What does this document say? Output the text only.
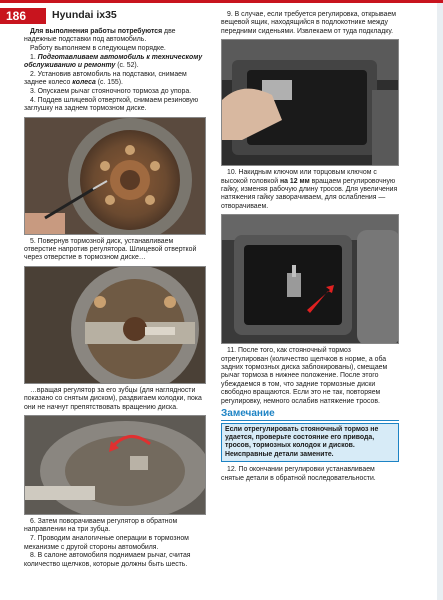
186	Hyundai ix35

Для выполнения работы потребуются две надежные подставки под автомобиль.

Работу выполняем в следующем порядке.

1. Подготавливаем автомобиль к техническому обслуживанию и ремонту (с. 52).

2. Установив автомобиль на подставки, снимаем заднее колесо колеса (с. 155).

3. Опускаем рычаг стояночного тормоза до упора.

4. Поддев шлицевой отверткой, снимаем резиновую заглушку на заднем тормозном диске.

5. Повернув тормозной диск, устанавливаем отверстие напротив регулятора. Шлицевой отверткой через отверстие в тормозном диске…

…вращая регулятор за его зубцы (для наглядности показано со снятым диском), раздвигаем колодки, пока они не начнут препятствовать вращению диска.

6. Затем поворачиваем регулятор в обратном направлении на три зубца.

7. Проводим аналогичные операции в тормозном механизме с другой стороны автомобиля.

8. В салоне автомобиля поднимаем рычаг, считая количество щелчков, которые должны быть шесть.

9. В случае, если требуется регулировка, открываем вещевой ящик, находящийся в подлокотнике между передними сиденьями. Извлекаем от туда подкладку.

10. Накидным ключом или торцовым ключом с высокой головкой на 12 мм вращаем регулировочную гайку, изменяя рабочую длину тросов. Для увеличения натяжения гайку заворачиваем, для ослабления — отворачиваем.

11. После того, как стояночный тормоз отрегулирован (количество щелчков в норме, а оба задних тормозных диска заблокированы), смещаем рычаг тормоза в нижнее положение. После этого убеждаемся в том, что задние тормозные диски свободно вращаются. Если это не так, повторяем регулировку, немного ослабив натяжение тросов.

Замечание
Если отрегулировать стояночный тормоз не удается, проверьте состояние его привода, тросов, тормозных колодок и дисков. Неисправные детали замените.

12. По окончании регулировки устанавливаем снятые детали в обратной последовательности.
